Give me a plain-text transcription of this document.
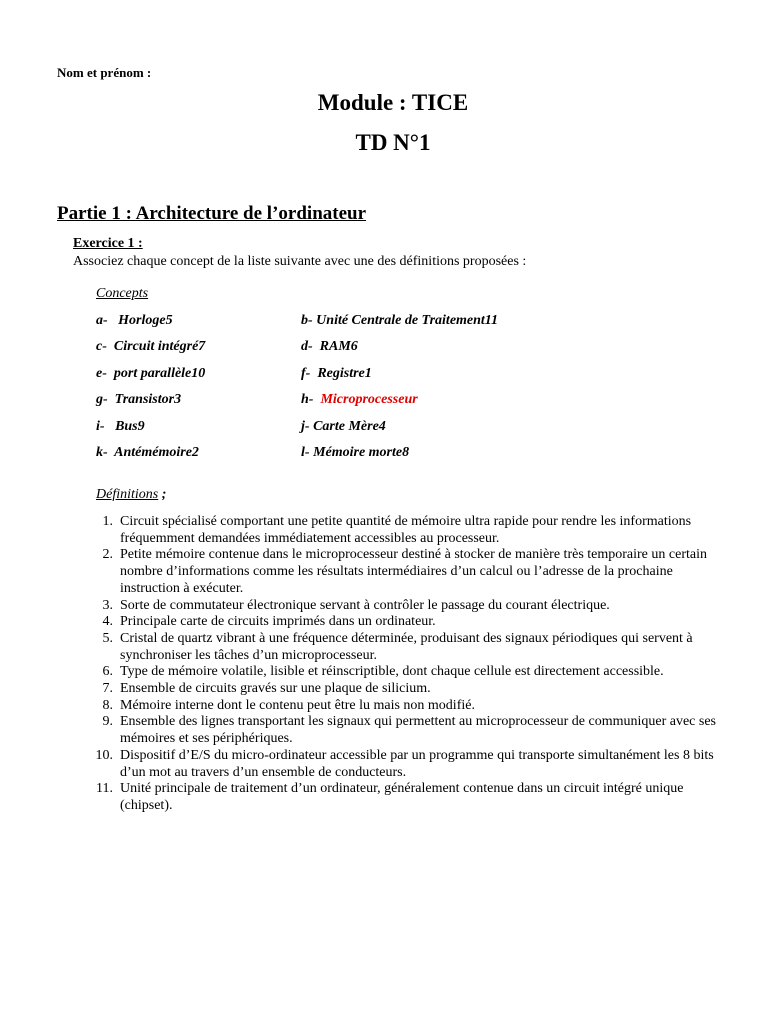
Nom et prénom :
Module : TICE
TD N°1
Partie 1 : Architecture de l’ordinateur
Exercice 1 :
Associez chaque concept de la liste suivante avec une des définitions proposées :
Concepts
a- Horloge5	b- Unité Centrale de Traitement11
c- Circuit intégré7	d- RAM6
e- port parallèle10	f- Registre1
g- Transistor3	h- Microprocesseur
i- Bus9	j- Carte Mère4
k- Antémémoire2	l- Mémoire morte8
Définitions ;
1. Circuit spécialisé comportant une petite quantité de mémoire ultra rapide pour rendre les informations fréquemment demandées immédiatement accessibles au processeur.
2. Petite mémoire contenue dans le microprocesseur destiné à stocker de manière très temporaire un certain nombre d’informations comme les résultats intermédiaires d’un calcul ou l’adresse de la prochaine instruction à exécuter.
3. Sorte de commutateur électronique servant à contrôler le passage du courant électrique.
4. Principale carte de circuits imprimés dans un ordinateur.
5. Cristal de quartz vibrant à une fréquence déterminée, produisant des signaux périodiques qui servent à synchroniser les tâches d’un microprocesseur.
6. Type de mémoire volatile, lisible et réinscriptible, dont chaque cellule est directement accessible.
7. Ensemble de circuits gravés sur une plaque de silicium.
8. Mémoire interne dont le contenu peut être lu mais non modifié.
9. Ensemble des lignes transportant les signaux qui permettent au microprocesseur de communiquer avec ses mémoires et ses périphériques.
10. Dispositif d’E/S du micro-ordinateur accessible par un programme qui transporte simultanément les 8 bits d’un mot au travers d’un ensemble de conducteurs.
11. Unité principale de traitement d’un ordinateur, généralement contenue dans un circuit intégré unique (chipset).
